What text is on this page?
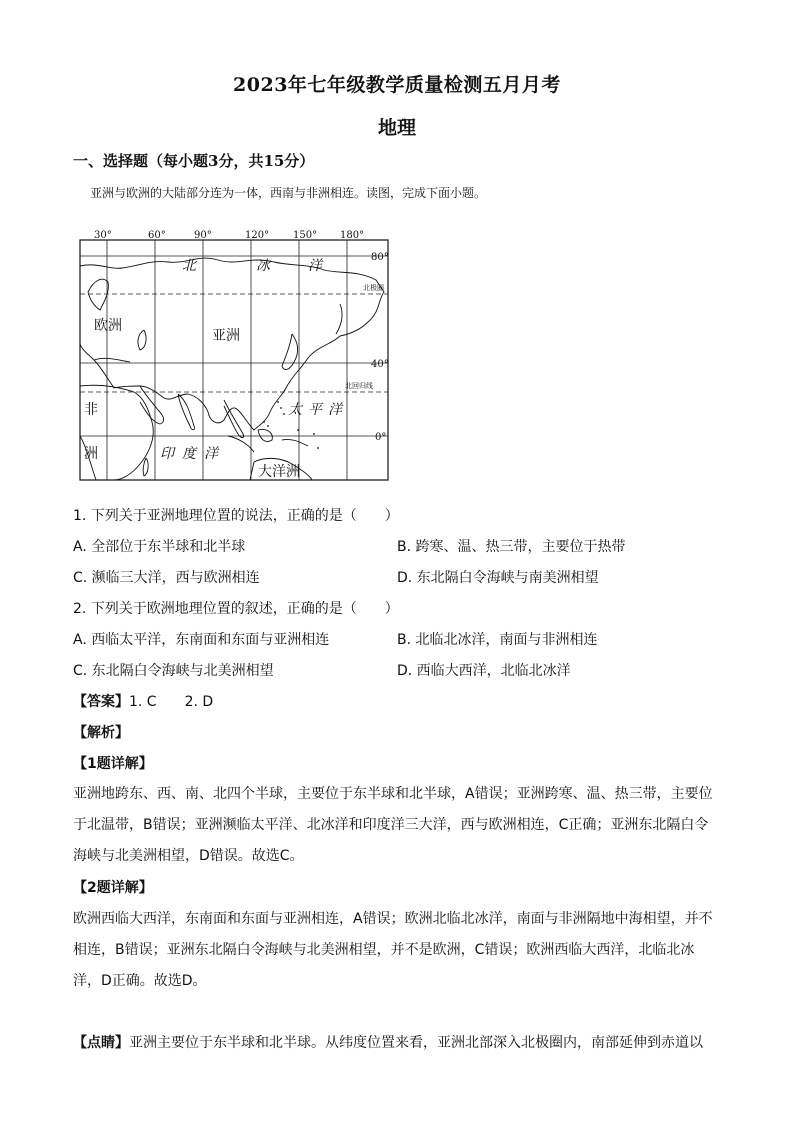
2023年七年级教学质量检测五月月考
地理
一、选择题（每小题3分，共15分）
亚洲与欧洲的大陆部分连为一体，西南与非洲相连。读图，完成下面小题。
30°	60°	90°	120° 150° 180°
80°
40°
0°
北极圈
北回归线
北	冰	洋
欧洲
亚洲
非
洲
太平洋
印度洋
大洋洲
1. 下列关于亚洲地理位置的说法，正确的是（　　）
A. 全部位于东半球和北半球	B. 跨寒、温、热三带，主要位于热带
C. 濒临三大洋，西与欧洲相连	D. 东北隔白令海峡与南美洲相望
2. 下列关于欧洲地理位置的叙述，正确的是（　　）
A. 西临太平洋，东南面和东面与亚洲相连	B. 北临北冰洋，南面与非洲相连
C. 东北隔白令海峡与北美洲相望	D. 西临大西洋，北临北冰洋
【答案】1. C　　2. D
【解析】
【1题详解】
亚洲地跨东、西、南、北四个半球，主要位于东半球和北半球，A错误；亚洲跨寒、温、热三带，主要位
于北温带，B错误；亚洲濒临太平洋、北冰洋和印度洋三大洋，西与欧洲相连，C正确；亚洲东北隔白令
海峡与北美洲相望，D错误。故选C。
【2题详解】
欧洲西临大西洋，东南面和东面与亚洲相连，A错误；欧洲北临北冰洋，南面与非洲隔地中海相望，并不
相连，B错误；亚洲东北隔白令海峡与北美洲相望，并不是欧洲，C错误；欧洲西临大西洋，北临北冰
洋，D正确。故选D。
【点睛】亚洲主要位于东半球和北半球。从纬度位置来看，亚洲北部深入北极圈内，南部延伸到赤道以
